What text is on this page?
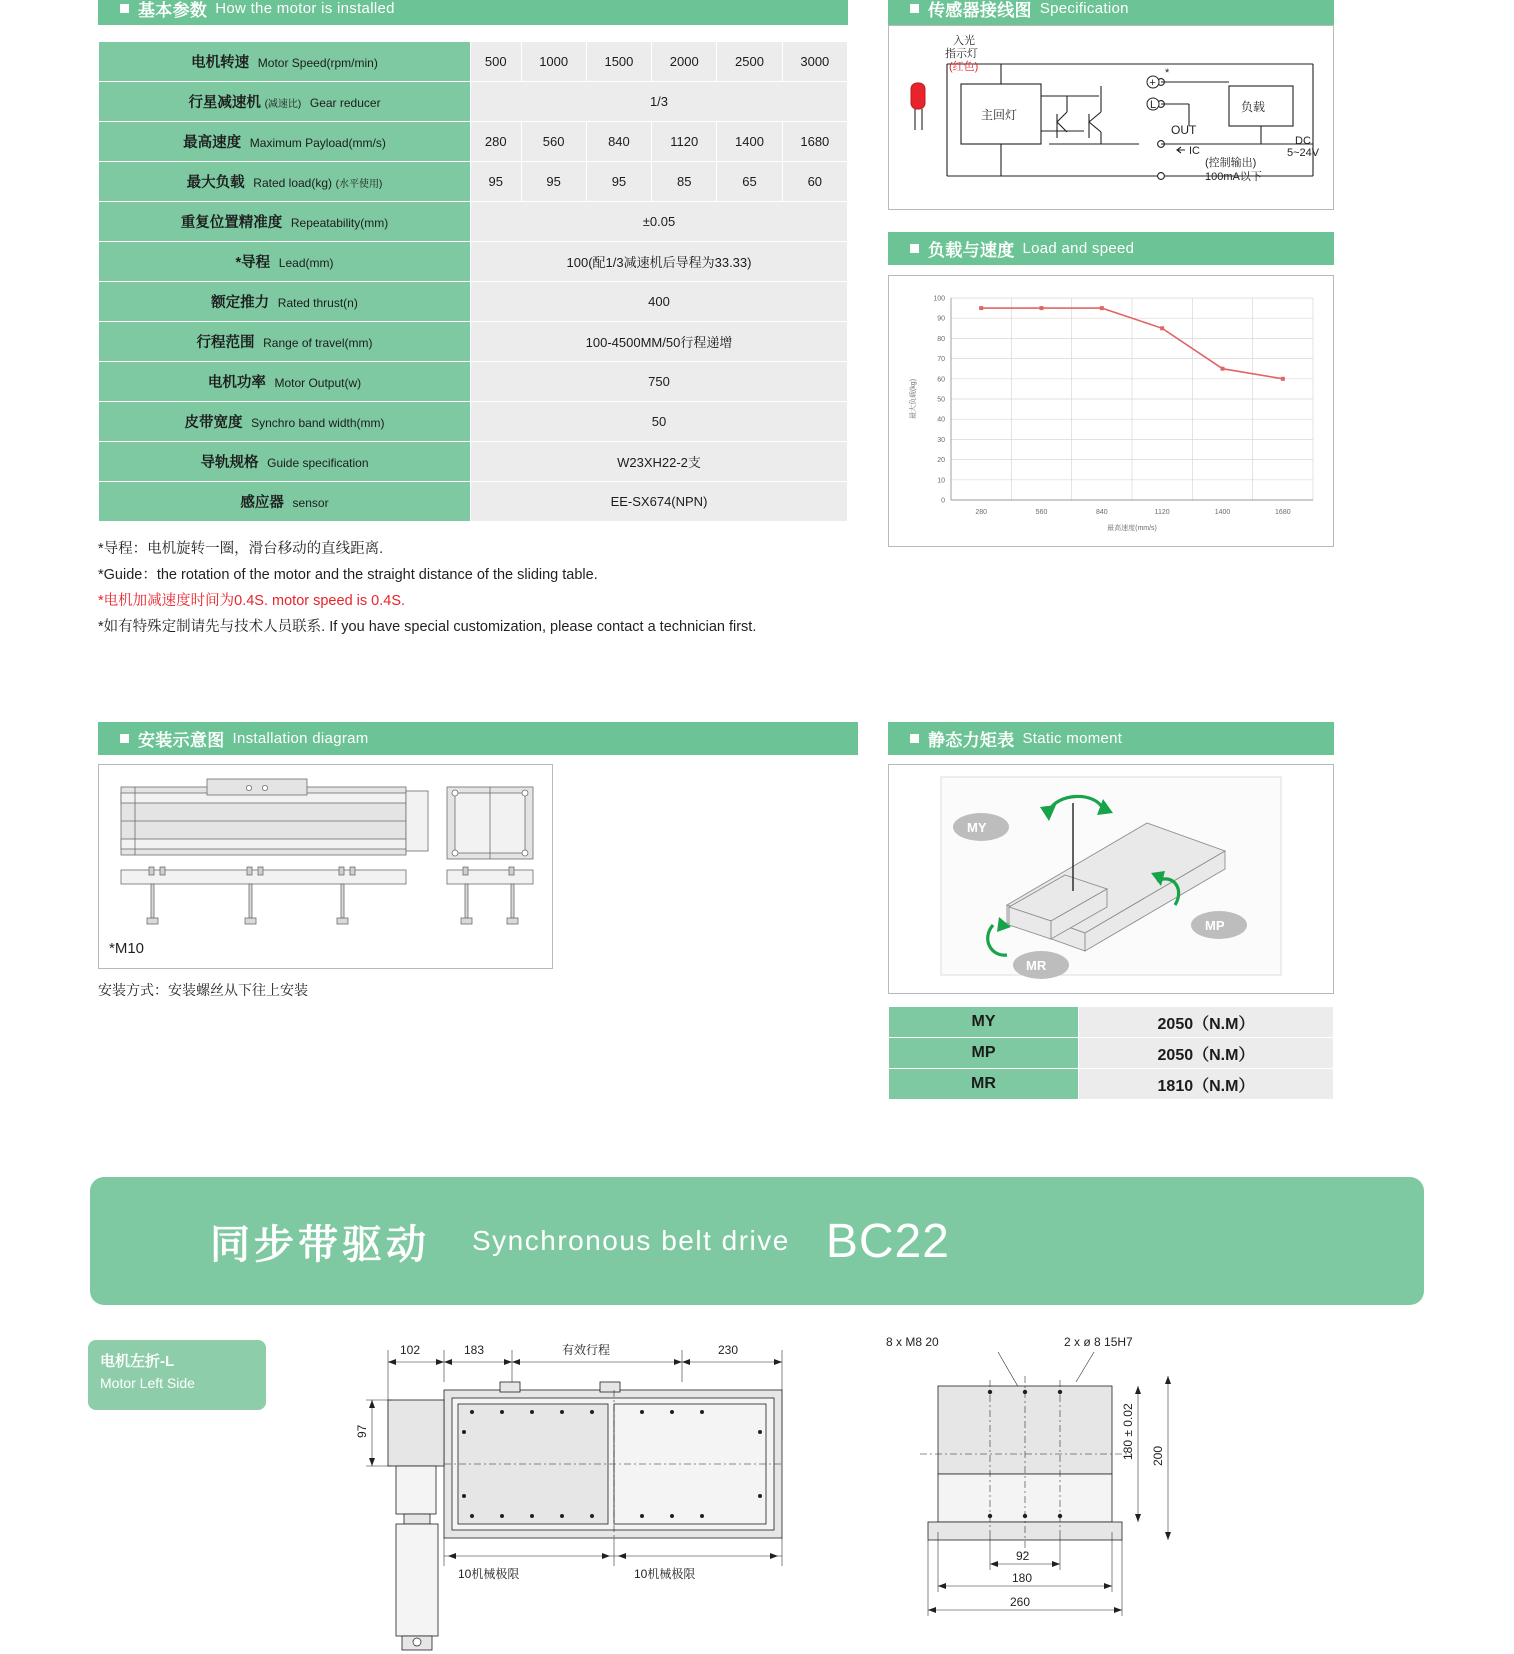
基本参数 How the motor is installed
电机转速 Motor Speed(rpm/min)	500	1000	1500	2000	2500	3000
行星减速机 (减速比) Gear reducer	1/3					
最高速度 Maximum Payload(mm/s)	280	560	840	1120	1400	1680
最大负载 Rated load(kg) (水平使用)	95	95	95	85	65	60
重复位置精准度 Repeatability(mm)	±0.05					
*导程 Lead(mm)	100(配1/3减速机后导程为33.33)					
额定推力 Rated thrust(n)	400					
行程范围 Range of travel(mm)	100-4500MM/50行程递增					
电机功率 Motor Output(w)	750					
皮带宽度 Synchro band width(mm)	50					
导轨规格 Guide specification	W23XH22-2支					
感应器 sensor	EE-SX674(NPN)					
*导程：电机旋转一圈，滑台移动的直线距离.
*Guide：the rotation of the motor and the straight distance of the sliding table.
*电机加减速度时间为0.4S. motor speed is 0.4S.
*如有特殊定制请先与技术人员联系. If you have special customization, please contact a technician first.
传感器接线图 Specification
+
L
入光
指示灯
(红色)
主回灯
负载
*
OUT
IC
DC
5~24V
(控制输出)
100mA以下
负载与速度 Load and speed
0
10
20
30
40
50
60
70
80
90
100
280	560	840	1120	1400	1680
最高速度(mm/s)
最大负载(kg)
安装示意图 Installation diagram
*M10
安装方式：安装螺丝从下往上安装
静态力矩表 Static moment
MY
MP
MR
MY	2050（N.M）
MP	2050（N.M）
MR	1810（N.M）
同步带驱动 Synchronous belt drive BC22
电机左折-L
Motor Left Side
102	183	有效行程	230
97
10机械极限	10机械极限
8 x M8 20	2 x ø 8 15H7
180 ± 0.02 200
92
180
260
